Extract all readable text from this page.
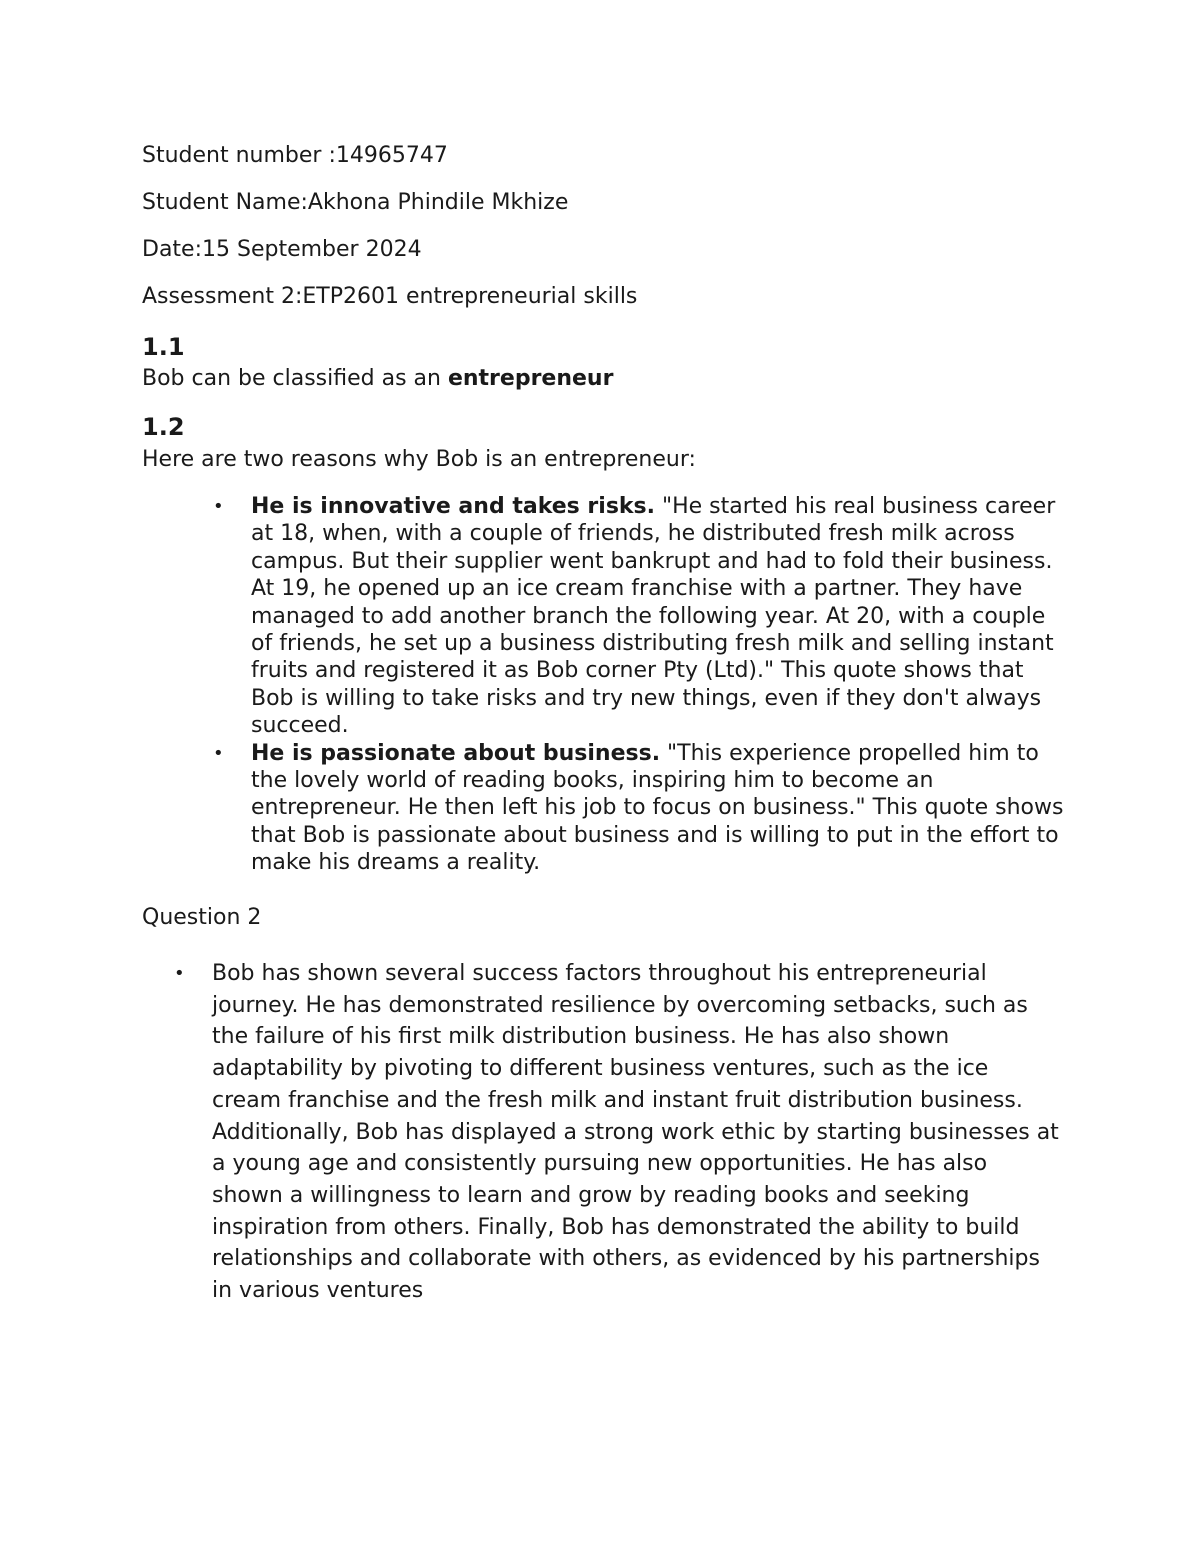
Student number :14965747

Student Name:Akhona Phindile Mkhize

Date:15 September 2024

Assessment 2:ETP2601 entrepreneurial skills

1.1

Bob can be classified as an entrepreneur

1.2

Here are two reasons why Bob is an entrepreneur:

• He is innovative and takes risks. "He started his real business career at 18, when, with a couple of friends, he distributed fresh milk across campus. But their supplier went bankrupt and had to fold their business. At 19, he opened up an ice cream franchise with a partner. They have managed to add another branch the following year. At 20, with a couple of friends, he set up a business distributing fresh milk and selling instant fruits and registered it as Bob corner Pty (Ltd)." This quote shows that Bob is willing to take risks and try new things, even if they don't always succeed.
• He is passionate about business. "This experience propelled him to the lovely world of reading books, inspiring him to become an entrepreneur. He then left his job to focus on business." This quote shows that Bob is passionate about business and is willing to put in the effort to make his dreams a reality.

Question 2

• Bob has shown several success factors throughout his entrepreneurial journey. He has demonstrated resilience by overcoming setbacks, such as the failure of his first milk distribution business. He has also shown adaptability by pivoting to different business ventures, such as the ice cream franchise and the fresh milk and instant fruit distribution business. Additionally, Bob has displayed a strong work ethic by starting businesses at a young age and consistently pursuing new opportunities. He has also shown a willingness to learn and grow by reading books and seeking inspiration from others. Finally, Bob has demonstrated the ability to build relationships and collaborate with others, as evidenced by his partnerships in various ventures
